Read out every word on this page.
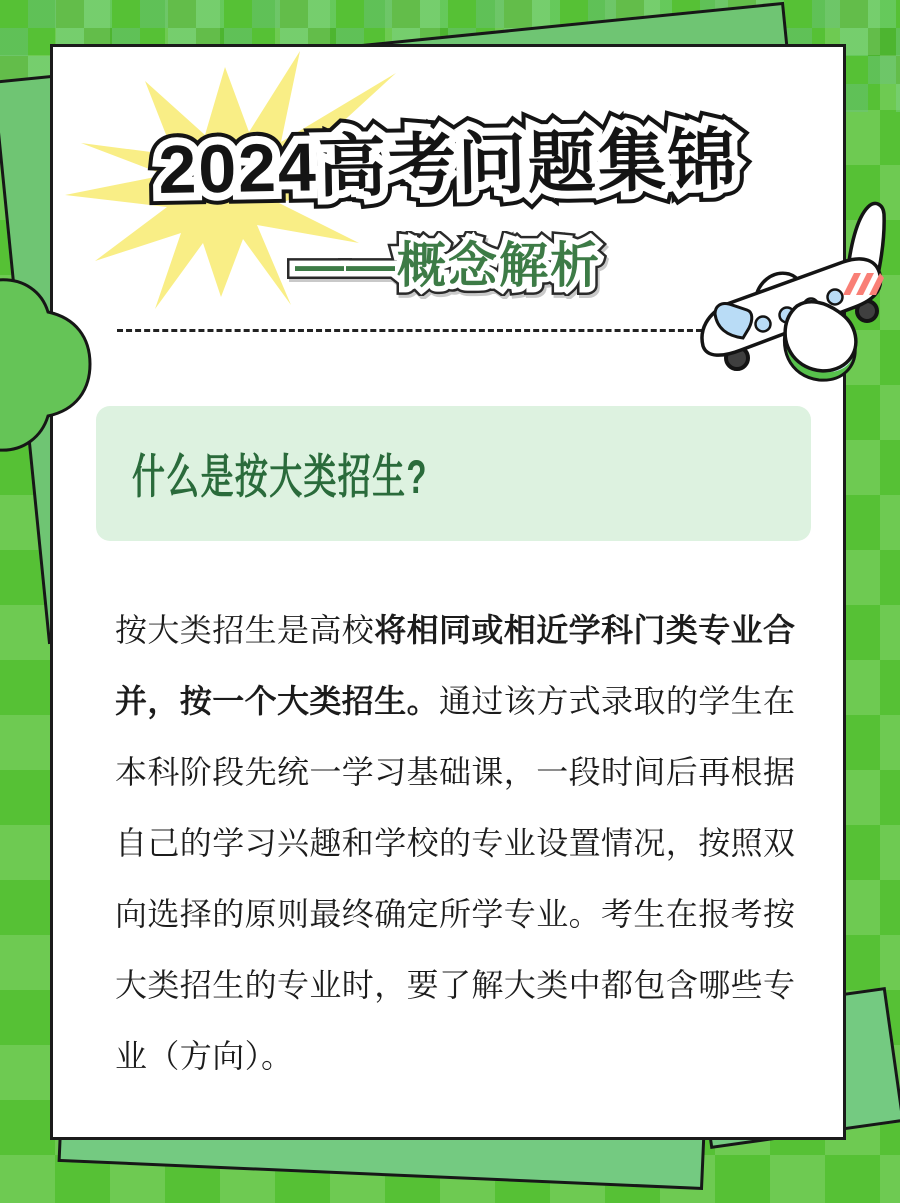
2024高考问题集锦 2024高考问题集锦 2024高考问题集锦
——概念解析 ——概念解析 ——概念解析
什么是按大类招生?
按大类招生是高校将相同或相近学科门类专业合
并，按一个大类招生。通过该方式录取的学生在
本科阶段先统一学习基础课，一段时间后再根据
自己的学习兴趣和学校的专业设置情况，按照双
向选择的原则最终确定所学专业。考生在报考按
大类招生的专业时，要了解大类中都包含哪些专
业（方向）。
